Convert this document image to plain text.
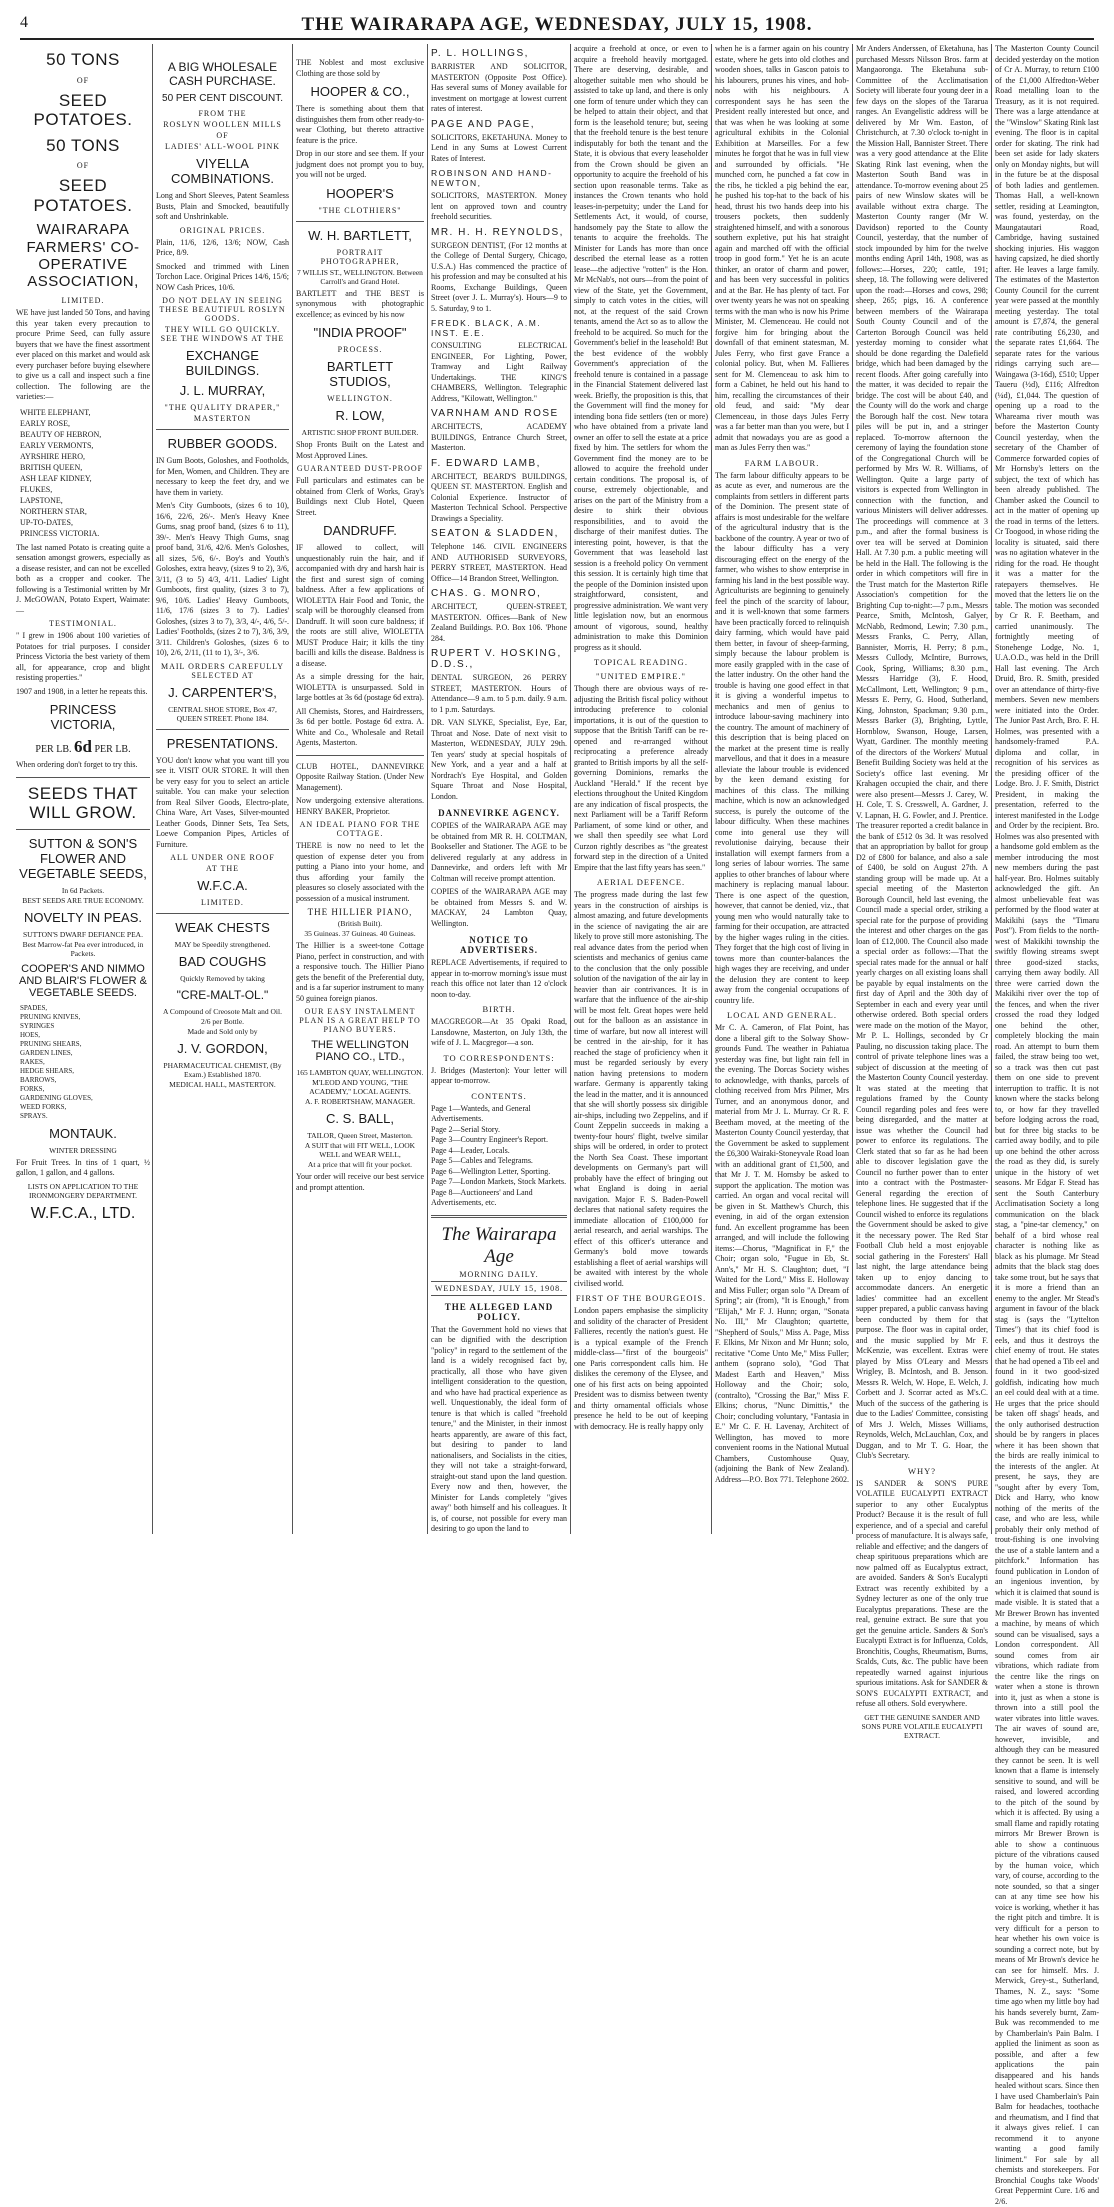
4	THE WAIRARAPA AGE, WEDNESDAY, JULY 15, 1908.
50 TONS
OF
SEED POTATOES.
50 TONS
OF
SEED POTATOES.
WAIRARAPA FARMERS' CO-OPERATIVE ASSOCIATION,
LIMITED.

WE have just landed 50 Tons, and having this year taken every precaution to procure Prime Seed, can fully assure buyers that we have the finest assortment ever placed on this market and would ask every purchaser before buying elsewhere to give us a call and inspect such a fine collection. The following are the varieties:—

WHITE ELEPHANT,
EARLY ROSE,
BEAUTY OF HEBRON,
EARLY VERMONTS,
AYRSHIRE HERO,
BRITISH QUEEN,
ASH LEAF KIDNEY,
FLUKES,
LAPSTONE,
NORTHERN STAR,
UP-TO-DATES,
PRINCESS VICTORIA.

The last named Potato is creating quite a sensation amongst growers, especially as a disease resister, and can not be excelled both as a cropper and cooker. The following is a Testimonial written by Mr J. McGOWAN, Potato Expert, Waimate:—

TESTIMONIAL.

" I grew in 1906 about 100 varieties of Potatoes for trial purposes. I consider Princess Victoria the best variety of them all, for appearance, crop and blight resisting properties."

1907 and 1908, in a letter he repeats this.

PRINCESS VICTORIA,
PER LB. 6d PER LB.

When ordering don't forget to try this.

SEEDS THAT WILL GROW.
SUTTON & SON'S FLOWER AND VEGETABLE SEEDS,
In 6d Packets.
BEST SEEDS ARE TRUE ECONOMY.
NOVELTY IN PEAS.
SUTTON'S DWARF DEFIANCE PEA.
Best Marrow-fat Pea ever introduced, in Packets.
COOPER'S AND NIMMO AND BLAIR'S FLOWER & VEGETABLE SEEDS.
SPADES,
PRUNING KNIVES,
SYRINGES
HOES,
PRUNING SHEARS,
GARDEN LINES,
RAKES,
HEDGE SHEARS,
BARROWS,
FORKS,
GARDENING GLOVES,
WEED FORKS,
SPRAYS.
MONTAUK.
WINTER DRESSING

For Fruit Trees. In tins of 1 quart, ½ gallon, 1 gallon, and 4 gallons.

LISTS ON APPLICATION TO THE IRONMONGERY DEPARTMENT.
W.F.C.A., LTD.
A BIG WHOLESALE CASH PURCHASE.
50 PER CENT DISCOUNT.
FROM THE
ROSLYN WOOLLEN MILLS
OF
LADIES' ALL-WOOL PINK
VIYELLA COMBINATIONS.

Long and Short Sleeves, Patent Seamless Busts, Plain and Smocked, beautifully soft and Unshrinkable.

ORIGINAL PRICES.

Plain, 11/6, 12/6, 13/6; NOW, Cash Price, 8/9.

Smocked and trimmed with Linen Torchon Lace. Original Prices 14/6, 15/6; NOW Cash Prices, 10/6.

DO NOT DELAY IN SEEING THESE BEAUTIFUL ROSLYN GOODS.
THEY WILL GO QUICKLY. SEE THE WINDOWS AT THE
EXCHANGE BUILDINGS.
J. L. MURRAY,
"THE QUALITY DRAPER,"
MASTERTON
RUBBER GOODS.

IN Gum Boots, Goloshes, and Footholds, for Men, Women, and Children. They are necessary to keep the feet dry, and we have them in variety.

Men's City Gumboots, (sizes 6 to 10), 16/6, 22/6, 26/-. Men's Heavy Knee Gums, snag proof band, (sizes 6 to 11), 39/-. Men's Heavy Thigh Gums, snag proof band, 31/6, 42/6. Men's Goloshes, all sizes, 5/6, 6/-. Boy's and Youth's Goloshes, extra heavy, (sizes 9 to 2), 3/6, 3/11, (3 to 5) 4/3, 4/11. Ladies' Light Gumboots, first quality, (sizes 3 to 7), 9/6, 10/6. Ladies' Heavy Gumboots, 11/6, 17/6 (sizes 3 to 7). Ladies' Goloshes, (sizes 3 to 7), 3/3, 4/-, 4/6, 5/-. Ladies' Footholds, (sizes 2 to 7), 3/6, 3/9, 3/11. Children's Goloshes, (sizes 6 to 10), 2/6, 2/11, (11 to 1), 3/-, 3/6.

MAIL ORDERS CAREFULLY SELECTED AT
J. CARPENTER'S,
CENTRAL SHOE STORE, Box 47, QUEEN STREET. Phone 184.
PRESENTATIONS.

YOU don't know what you want till you see it. VISIT OUR STORE. It will then be very easy for you to select an article suitable. You can make your selection from Real Silver Goods, Electro-plate, China Ware, Art Vases, Silver-mounted Leather Goods, Dinner Sets, Tea Sets, Loewe Companion Pipes, Articles of Furniture.

ALL UNDER ONE ROOF
AT THE
W.F.C.A.
LIMITED.
WEAK CHESTS
MAY be Speedily strengthened.
BAD COUGHS
Quickly Removed by taking
"CRE-MALT-OL."
A Compound of Creosote Malt and Oil.
2/6 per Bottle.
Made and Sold only by
J. V. GORDON,
PHARMACEUTICAL CHEMIST, (By Exam.) Established 1870.
MEDICAL HALL, MASTERTON.

THE Noblest and most exclusive Clothing are those sold by

HOOPER & CO.,

There is something about them that distinguishes them from other ready-to-wear Clothing, but thereto attractive feature is the price.

Drop in our store and see them. If your judgment does not prompt you to buy, you will not be urged.

HOOPER'S
"THE CLOTHIERS"
W. H. BARTLETT,
PORTRAIT PHOTOGRAPHER,
7 WILLIS ST., WELLINGTON. Between Carroll's and Grand Hotel.

BARTLETT and THE BEST is synonymous with photographic excellence; as evinced by his now

"INDIA PROOF"
PROCESS.
BARTLETT STUDIOS,
WELLINGTON.
R. LOW,
ARTISTIC SHOP FRONT BUILDER.

Shop Fronts Built on the Latest and Most Approved Lines.

GUARANTEED DUST-PROOF

Full particulars and estimates can be obtained from Clerk of Works, Gray's Buildings next Club Hotel, Queen Street.

DANDRUFF.

IF allowed to collect, will unquestionably ruin the hair, and if accompanied with dry and harsh hair is the first and surest sign of coming baldness. After a few applications of WIOLETTA Hair Food and Tonic, the scalp will be thoroughly cleansed from Dandruff. It will soon cure baldness; if the roots are still alive, WIOLETTA MUST Produce Hair; it kills the tiny bacilli and kills the disease. Baldness is a disease.

As a simple dressing for the hair, WIOLETTA is unsurpassed. Sold in large bottles at 3s 6d (postage 6d extra).

All Chemists, Stores, and Hairdressers, 3s 6d per bottle. Postage 6d extra. A. White and Co., Wholesale and Retail Agents, Masterton.

CLUB HOTEL, DANNEVIRKE Opposite Railway Station. (Under New Management).

Now undergoing extensive alterations. HENRY BAKER, Proprietor.

AN IDEAL PIANO FOR THE COTTAGE.

THERE is now no need to let the question of expense deter you from putting a Piano into your home, and thus affording your family the pleasures so closely associated with the possession of a musical instrument.

THE HILLIER PIANO,
(British Built).
35 Guineas. 37 Guineas. 40 Guineas.

The Hillier is a sweet-tone Cottage Piano, perfect in construction, and with a responsive touch. The Hillier Piano gets the benefit of the Preferential duty, and is a far superior instrument to many 50 guinea foreign pianos.

OUR EASY INSTALMENT PLAN IS A GREAT HELP TO PIANO BUYERS.
THE WELLINGTON PIANO CO., LTD.,
165 LAMBTON QUAY, WELLINGTON.
M'LEOD AND YOUNG, "THE ACADEMY," LOCAL AGENTS.
A. F. ROBERTSHAW, MANAGER.
C. S. BALL,
TAILOR, Queen Street, Masterton.
A SUIT that will FIT WELL, LOOK WELL and WEAR WELL,
At a price that will fit your pocket.

Your order will receive our best service and prompt attention.

P. L. HOLLINGS,

BARRISTER AND SOLICITOR, MASTERTON (Opposite Post Office). Has several sums of Money available for investment on mortgage at lowest current rates of interest.

PAGE AND PAGE,

SOLICITORS, EKETAHUNA. Money to Lend in any Sums at Lowest Current Rates of Interest.

ROBINSON AND HAND-NEWTON,

SOLICITORS, MASTERTON. Money lent on approved town and country freehold securities.

MR. H. H. REYNOLDS,

SURGEON DENTIST, (For 12 months at the College of Dental Surgery, Chicago, U.S.A.) Has commenced the practice of his profession and may be consulted at his Rooms, Exchange Buildings, Queen Street (over J. L. Murray's). Hours—9 to 5. Saturday, 9 to 1.

FREDK. BLACK, A.M. INST. E.E.

CONSULTING ELECTRICAL ENGINEER, For Lighting, Power, Tramway and Light Railway Undertakings. THE KING'S CHAMBERS, Wellington. Telegraphic Address, "Kilowatt, Wellington."

VARNHAM AND ROSE

ARCHITECTS, ACADEMY BUILDINGS, Entrance Church Street, Masterton.

F. EDWARD LAMB,

ARCHITECT, BEARD'S BUILDINGS, QUEEN ST. MASTERTON. English and Colonial Experience. Instructor of Masterton Technical School. Perspective Drawings a Speciality.

SEATON & SLADDEN,

Telephone 146. CIVIL ENGINEERS AND AUTHORISED SURVEYORS, PERRY STREET, MASTERTON. Head Office—14 Brandon Street, Wellington.

CHAS. G. MONRO,

ARCHITECT, QUEEN-STREET, MASTERTON. Offices—Bank of New Zealand Buildings. P.O. Box 106. 'Phone 284.

RUPERT V. HOSKING, D.D.S.,

DENTAL SURGEON, 26 PERRY STREET, MASTERTON. Hours of Attendance—9 a.m. to 5 p.m. daily. 9 a.m. to 1 p.m. Saturdays.

DR. VAN SLYKE, Specialist, Eye, Ear, Throat and Nose. Date of next visit to Masterton, WEDNESDAY, JULY 29th. Ten years' study at special hospitals of New York, and a year and a half at Nordrach's Eye Hospital, and Golden Square Throat and Nose Hospital, London.

DANNEVIRKE AGENCY.

COPIES of the WAIRARAPA AGE may be obtained from MR R. H. COLTMAN, Bookseller and Stationer. The AGE to be delivered regularly at any address in Dannevirke, and orders left with Mr Coltman will receive prompt attention.

COPIES of the WAIRARAPA AGE may be obtained from Messrs S. and W. MACKAY, 24 Lambton Quay, Wellington.

NOTICE TO ADVERTISERS.

REPLACE Advertisements, if required to appear in to-morrow morning's issue must reach this office not later than 12 o'clock noon to-day.

BIRTH.

MACGREGOR—At 35 Opaki Road, Lansdowne, Masterton, on July 13th, the wife of J. L. Macgregor—a son.

TO CORRESPONDENTS:

J. Bridges (Masterton): Your letter will appear to-morrow.

CONTENTS.
Page 1—Wanteds, and General Advertisements.
Page 2—Serial Story.
Page 3—Country Engineer's Report.
Page 4—Leader, Locals.
Page 5—Cables and Telegrams.
Page 6—Wellington Letter, Sporting.
Page 7—London Markets, Stock Markets.
Page 8—Auctioneers' and Land Advertisements, etc.
The Wairarapa Age
MORNING DAILY.
WEDNESDAY, JULY 15, 1908.
THE ALLEGED LAND POLICY.

That the Government hold no views that can be dignified with the description "policy" in regard to the settlement of the land is a widely recognised fact by, practically, all those who have given intelligent consideration to the question, and who have had practical experience as well. Unquestionably, the ideal form of tenure is that which is called "freehold tenure," and the Minister, in their inmost hearts apparently, are aware of this fact, but desiring to pander to land nationalisers, and Socialists in the cities, they will not take a straight-forward, straight-out stand upon the land question. Every now and then, however, the Minister for Lands completely "gives away" both himself and his colleagues. It is, of course, not possible for every man desiring to go upon the land to

acquire a freehold at once, or even to acquire a freehold heavily mortgaged. There are deserving, desirable, and altogether suitable men who should be assisted to take up land, and there is only one form of tenure under which they can be helped to attain their object, and that form is the leasehold tenure; but, seeing that the freehold tenure is the best tenure indisputably for both the tenant and the State, it is obvious that every leaseholder from the Crown should be given an opportunity to acquire the freehold of his section upon reasonable terms. Take as instances the Crown tenants who hold leases-in-perpetuity; under the Land for Settlements Act, it would, of course, handsomely pay the State to allow the tenants to acquire the freeholds. The Minister for Lands has more than once described the eternal lease as a rotten lease—the adjective "rotten" is the Hon. Mr McNab's, not ours—from the point of view of the State, yet the Government, simply to catch votes in the cities, will not, at the request of the said Crown tenants, amend the Act so as to allow the freehold to be acquired. So much for the Government's belief in the leasehold! But the best evidence of the wobbly Government's appreciation of the freehold tenure is contained in a passage in the Financial Statement delivered last week. Briefly, the proposition is this, that the Government will find the money for intending bona fide settlers (ten or more) who have obtained from a private land owner an offer to sell the estate at a price fixed by him. The settlers for whom the Government find the money are to be allowed to acquire the freehold under certain conditions. The proposal is, of course, extremely objectionable, and arises on the part of the Ministry from a desire to shirk their obvious responsibilities, and to avoid the discharge of their manifest duties. The interesting point, however, is that the Government that was leasehold last session is a freehold policy On vernment this session. It is certainly high time that the people of the Dominion insisted upon straightforward, consistent, and progressive administration. We want very little legislation now, but an enormous amount of vigorous, sound, healthy administration to make this Dominion progress as it should.

TOPICAL READING.
"UNITED EMPIRE."

Though there are obvious ways of re-adjusting the British fiscal policy without introducing preference to colonial importations, it is out of the question to suppose that the British Tariff can be re-opened and re-arranged without reciprocating a preference already granted to British imports by all the self-governing Dominions, remarks the Auckland "Herald." If the recent bye elections throughout the United Kingdom are any indication of fiscal prospects, the next Parliament will be a Tariff Reform Parliament, of some kind or other, and we shall then speedily see what Lord Curzon rightly describes as "the greatest forward step in the direction of a United Empire that the last fifty years has seen."

AERIAL DEFENCE.

The progress made during the last few years in the construction of airships is almost amazing, and future developments in the science of navigating the air are likely to prove still more astonishing. The real advance dates from the period when scientists and mechanics of genius came to the conclusion that the only possible solution of the navigation of the air lay in heavier than air contrivances. It is in warfare that the influence of the air-ship will be most felt. Great hopes were held out for the balloon as an assistance in time of warfare, but now all interest will be centred in the air-ship, for it has reached the stage of proficiency when it must be regarded seriously by every nation having pretensions to modern warfare. Germany is apparently taking the lead in the matter, and it is announced that she will shortly possess six dirigible air-ships, including two Zeppelins, and if Count Zeppelin succeeds in making a twenty-four hours' flight, twelve similar ships will be ordered, in order to protect the North Sea Coast. These important developments on Germany's part will probably have the effect of bringing out what England is doing in aerial navigation. Major F. S. Baden-Powell declares that national safety requires the immediate allocation of £100,000 for aerial research, and aerial warships. The effect of this officer's utterance and Germany's bold move towards establishing a fleet of aerial warships will be awaited with interest by the whole civilised world.

FIRST OF THE BOURGEOIS.

London papers emphasise the simplicity and solidity of the character of President Fallieres, recently the nation's guest. He is a typical example of the French middle-class—"first of the bourgeois" one Paris correspondent calls him. He dislikes the ceremony of the Elysee, and one of his first acts on being appointed President was to dismiss between twenty and thirty ornamental officials whose presence he held to be out of keeping with democracy. He is really happy only

when he is a farmer again on his country estate, where he gets into old clothes and wooden shoes, talks in Gascon patois to his labourers, prunes his vines, and hob-nobs with his neighbours. A correspondent says he has seen the President really interested but once, and that was when he was looking at some agricultural exhibits in the Colonial Exhibition at Marseilles. For a few minutes he forgot that he was in full view and surrounded by officials. "He munched corn, he punched a fat cow in the ribs, he tickled a pig behind the ear, he pushed his top-hat to the back of his head, thrust his two hands deep into his trousers pockets, then suddenly straightened himself, and with a sonorous southern expletive, put his hat straight again and marched off with the official troop in good form." Yet he is an acute thinker, an orator of charm and power, and has been very successful in politics and at the Bar. He has plenty of tact. For over twenty years he was not on speaking terms with the man who is now his Prime Minister, M. Clemenceau. He could not forgive him for bringing about the downfall of that eminent statesman, M. Jules Ferry, who first gave France a colonial policy. But, when M. Fallieres sent for M. Clemenceau to ask him to form a Cabinet, he held out his hand to him, recalling the circumstances of their old feud, and said: "My dear Clemenceau, in those days Jules Ferry was a far better man than you were, but I admit that nowadays you are as good a man as Jules Ferry then was."

FARM LABOUR.

The farm labour difficulty appears to be as acute as ever, and numerous are the complaints from settlers in different parts of the Dominion. The present state of affairs is most undesirable for the welfare of the agricultural industry that is the backbone of the country. A year or two of the labour difficulty has a very discouraging effect on the energy of the farmer, who wishes to show enterprise in farming his land in the best possible way. Agriculturists are beginning to genuinely feel the pinch of the scarcity of labour, and it is well-known that some farmers have been practically forced to relinquish dairy farming, which would have paid them better, in favour of sheep-farming, simply because the labour problem is more easily grappled with in the case of the latter industry. On the other hand the trouble is having one good effect in that it is giving a wonderful impetus to mechanics and men of genius to introduce labour-saving machinery into the country. The amount of machinery of this description that is being placed on the market at the present time is really marvellous, and that it does in a measure alleviate the labour trouble is evidenced by the keen demand existing for machines of this class. The milking machine, which is now an acknowledged success, is purely the outcome of the labour difficulty. When these machines come into general use they will revolutionise dairying, because their installation will exempt farmers from a long series of labour worries. The same applies to other branches of labour where machinery is replacing manual labour. There is one aspect of the question, however, that cannot be denied, viz., that young men who would naturally take to farming for their occupation, are attracted by the higher wages ruling in the cities. They forget that the high cost of living in towns more than counter-balances the high wages they are receiving, and under the delusion they are content to keep away from the congenial occupations of country life.

LOCAL AND GENERAL.

Mr C. A. Cameron, of Flat Point, has done a liberal gift to the Solway Show-grounds Fund. The weather in Pahiatua yesterday was fine, but light rain fell in the evening. The Dorcas Society wishes to acknowledge, with thanks, parcels of clothing received from Mrs Pilmer, Mrs Turner, and an anonymous donor, and material from Mr J. L. Murray. Cr R. F. Beetham moved, at the meeting of the Masterton County Council yesterday, that the Government be asked to supplement the £6,300 Wairaki-Stoneyvale Road loan with an additional grant of £1,500, and that Mr J. T. M. Hornsby be asked to support the application. The motion was carried. An organ and vocal recital will be given in St. Matthew's Church, this evening, in aid of the organ extension fund. An excellent programme has been arranged, and will include the following items:—Chorus, "Magnificat in F," the Choir; organ solo, "Fugue in Eb, St. Ann's," Mr H. S. Claughton; duet, "I Waited for the Lord," Miss E. Holloway and Miss Fuller; organ solo "A Dream of Spring"; air (from), "It is Enough," from "Elijah," Mr F. J. Hunn; organ, "Sonata No. III," Mr Claughton; quartette, "Shepherd of Souls," Miss A. Page, Miss F. Elkins, Mr Nixon and Mr Hunn; solo, recitative "Come Unto Me," Miss Fuller; anthem (soprano solo), "God That Madest Earth and Heaven," Miss Holloway and the Choir; solo, (contralto), "Crossing the Bar," Miss F. Elkins; chorus, "Nunc Dimittis," the Choir; concluding voluntary, "Fantasia in E." Mr C. F. H. Lavenay, Architect of Wellington, has moved to more convenient rooms in the National Mutual Chambers, Customhouse Quay, (adjoining the Bank of New Zealand). Address—P.O. Box 771. Telephone 2602.

Mr Anders Anderssen, of Eketahuna, has purchased Messrs Nilsson Bros. farm at Mangaoronga. The Eketahuna sub-Committee of the Acclimatisation Society will liberate four young deer in a few days on the slopes of the Tararua ranges. An Evangelistic address will be delivered by Mr Wm. Easton, of Christchurch, at 7.30 o'clock to-night in the Mission Hall, Bannister Street. There was a very good attendance at the Elite Skating Rink last evening, when the Masterton South Band was in attendance. To-morrow evening about 25 pairs of new Winslow skates will be available without extra charge. The Masterton County ranger (Mr W. Davidson) reported to the County Council, yesterday, that the number of stock impounded by him for the twelve months ending April 14th, 1908, was as follows:—Horses, 220; cattle, 191; sheep, 18. The following were delivered upon the road:—Horses and cows, 298; sheep, 265; pigs, 16. A conference between members of the Wairarapa South County Council and of the Carterton Borough Council was held yesterday morning to consider what should be done regarding the Dalefield bridge, which had been damaged by the recent floods. After going carefully into the matter, it was decided to repair the bridge. The cost will be about £40, and the County will do the work and charge the Borough half the cost. New totara piles will be put in, and a stringer replaced. To-morrow afternoon the ceremony of laying the foundation stone of the Congregational Church will be performed by Mrs W. R. Williams, of Wellington. Quite a large party of visitors is expected from Wellington in connection with the function, and various Ministers will deliver addresses. The proceedings will commence at 3 p.m., and after the formal business is over tea will be served at Dominion Hall. At 7.30 p.m. a public meeting will be held in the Hall. The following is the order in which competitors will fire in the Trust match for the Masterton Rifle Association's competition for the Brighting Cup to-night:—7 p.m., Messrs Pearce, Smith, McIntosh, Galyer, McNabb, Redmond, Lewin; 7.30 p.m., Messrs Franks, C. Perry, Allan, Bannister, Morris, H. Perry; 8 p.m., Messrs Cullody, McIntire, Burrows, Cook, Spring, Williams; 8.30 p.m., Messrs Harridge (3), F. Hood, McCallmont, Lett, Wellington; 9 p.m., Messrs E. Perry, G. Hood, Sutherland, King, Johnston, Spackman; 9.30 p.m., Messrs Barker (3), Brighting, Lyttle, Hornblow, Swanson, Houge, Larsen, Wyatt, Gardiner. The monthly meeting of the directors of the Workers' Mutual Benefit Building Society was held at the Society's office last evening. Mr Krahagen occupied the chair, and there were also present—Messrs J. Carey, W. H. Cole, T. S. Cresswell, A. Gardner, J. V. Lapnan, H. G. Fowler, and J. Prentice. The treasurer reported a credit balance in the bank of £512 0s 3d. It was resolved that an appropriation by ballot for group D2 of £800 for balance, and also a sale of £400, be sold on August 27th. A standing group will be made up. At a special meeting of the Masterton Borough Council, held last evening, the Council made a special order, striking a special rate for the purpose of providing the interest and other charges on the gas loan of £12,000. The Council also made a special order as follows:—That the special rates made for the annual or half yearly charges on all existing loans shall be payable by equal instalments on the first day of April and the 30th day of September in each and every year until otherwise ordered. Both special orders were made on the motion of the Mayor, Mr P. L. Hollings, seconded by Cr Pauling, no discussion taking place. The control of private telephone lines was a subject of discussion at the meeting of the Masterton County Council yesterday. It was stated at the meeting that regulations framed by the County Council regarding poles and fees were being disregarded, and the matter at issue was whether the Council had power to enforce its regulations. The Clerk stated that so far as he had been able to discover legislation gave the Council no further power than to enter into a contract with the Postmaster-General regarding the erection of telephone lines. He suggested that if the Council wished to enforce its regulations the Government should be asked to give it the necessary power. The Red Star Football Club held a most enjoyable social gathering in the Foresters' Hall last night, the large attendance being taken up to enjoy dancing to accommodate dancers. An energetic ladies' committee had an excellent supper prepared, a public canvass having been conducted by them for that purpose. The floor was in capital order, and the music supplied by Mr F. McKenzie, was excellent. Extras were played by Miss O'Leary and Messrs Wrigley, B. McIntosh, and B. Jenson. Messrs R. Welch, W. Hope, E. Welch, J. Corbett and J. Scorrar acted as M's.C. Much of the success of the gathering is due to the Ladies' Committee, consisting of Mrs J. Welch, Misses Williams, Reynolds, Welch, McLauchlan, Cox, and Duggan, and to Mr T. G. Hoar, the Club's Secretary.

WHY?

IS SANDER & SON'S PURE VOLATILE EUCALYPTI EXTRACT superior to any other Eucalyptus Product? Because it is the result of full experience, and of a special and careful process of manufacture. It is always safe, reliable and effective; and the dangers of cheap spirituous preparations which are now palmed off as Eucalyptus extract, are avoided. Sanders & Son's Eucalypti Extract was recently exhibited by a Sydney lecturer as one of the only true Eucalyptus preparations. These are the real, genuine extract. Be sure that you get the genuine article. Sanders & Son's Eucalypti Extract is for Influenza, Colds, Bronchitis, Coughs, Rheumatism, Burns, Scalds, Cuts, &c. The public have been repeatedly warned against injurious spurious imitations. Ask for SANDER & SON'S EUCALYPTI EXTRACT, and refuse all others. Sold everywhere.

GET THE GENUINE SANDER AND SONS PURE VOLATILE EUCALYPTI EXTRACT.

The Masterton County Council decided yesterday on the motion of Cr A. Murray, to return £100 of the £1,000 Alfredton-Weber Road metalling loan to the Treasury, as it is not required. There was a large attendance at the "Winslow" Skating Rink last evening. The floor is in capital order for skating. The rink had been set aside for lady skaters only on Monday nights, but will in the future be at the disposal of both ladies and gentlemen. Thomas Hall, a well-known settler, residing at Leamington, was found, yesterday, on the Maungatautari Road, Cambridge, having sustained shocking injuries. His waggon having capsized, he died shortly after. He leaves a large family. The estimates of the Masterton County Council for the current year were passed at the monthly meeting yesterday. The total amount is £7,874, the general rate contributing £6,230, and the separate rates £1,664. The separate rates for the various ridings carrying such are—Waingawa (3-16d), £510; Upper Taueru (½d), £116; Alfredton (¼d), £1,044. The question of opening up a road to the Whareama river mouth was before the Masterton County Council yesterday, when the secretary of the Chamber of Commerce forwarded copies of Mr Hornsby's letters on the subject, the text of which has been already published. The Chamber asked the Council to act in the matter of opening up the road in terms of the letters. Cr Toogood, in whose riding the locality is situated, said there was no agitation whatever in the riding for the road. He thought it was a matter for the ratepayers themselves. He moved that the letters lie on the table. The motion was seconded by Cr R. F. Beetham, and carried unanimously. The fortnightly meeting of Stonehenge Lodge, No. 1, U.A.O.D., was held in the Drill Hall last evening. The Arch Druid, Bro. R. Smith, presided over an attendance of thirty-five members. Seven new members were initiated into the Order. The Junior Past Arch, Bro. F. H. Holmes, was presented with a handsomely-framed P.A. diploma and collar, in recognition of his services as the presiding officer of the Lodge. Bro. J. F. Smith, District President, in making the presentation, referred to the interest manifested in the Lodge and Order by the recipient. Bro. Holmes was also presented with a handsome gold emblem as the member introducing the most new members during the past half-year. Bro. Holmes suitably acknowledged the gift. An almost unbelievable feat was performed by the flood water at Makikihi (says the "Timaru Post"). From fields to the north-west of Makikihi township the swiftly flowing streams swept three good-sized stacks, carrying them away bodily. All three were carried down the Makikihi river over the top of the fences, and when the river crossed the road they lodged one behind the other, completely blocking the main road. An attempt to burn them failed, the straw being too wet, so a track was then cut past them on one side to prevent interruption to traffic. It is not known where the stacks belong to, or how far they travelled before lodging across the road, but for three big stacks to be carried away bodily, and to pile up one behind the other across the road as they did, is surely unique in the history of wet seasons. Mr Edgar F. Stead has sent the South Canterbury Acclimatisation Society a long communication on the black stag, a "pine-tar clemency," on behalf of a bird whose real character is nothing like as black as his plumage. Mr Stead admits that the black stag does take some trout, but he says that it is more a friend than an enemy to the angler. Mr Stead's argument in favour of the black stag is (says the "Lyttelton Times") that its chief food is eels, and thus it destroys the chief enemy of trout. He states that he had opened a Tib eel and found in it two good-sized goldfish, indicating how much an eel could deal with at a time. He urges that the price should be taken off shags' heads, and the only authorised destruction should be by rangers in places where it has been shown that the birds are really inimical to the interests of the angler. At present, he says, they are "sought after by every Tom, Dick and Harry, who know nothing of the merits of the case, and who are less, while probably their only method of trout-fishing is one involving the use of a stable lantern and a pitchfork." Information has found publication in London of an ingenious invention, by which it is claimed that sound is made visible. It is stated that a Mr Brewer Brown has invented a machine, by means of which sound can be visualised, says a London correspondent. All sound comes from air vibrations, which radiate from the centre like the rings on water when a stone is thrown into it, just as when a stone is thrown into a still pool the water vibrates into little waves. The air waves of sound are, however, invisible, and although they can be measured they cannot be seen. It is well known that a flame is intensely sensitive to sound, and will be raised, and lowered according to the pitch of the sound by which it is affected. By using a small flame and rapidly rotating mirrors Mr Brewer Brown is able to show a continuous picture of the vibrations caused by the human voice, which vary, of course, according to the note sounded, so that a singer can at any time see how his voice is working, whether it has the right pitch and timbre. It is very difficult for a person to hear whether his own voice is sounding a correct note, but by means of Mr Brown's device he can see for himself. Mrs. J. Merwick, Grey-st., Sutherland, Thames, N. Z., says: "Some time ago when my little boy had his hands severely burnt, Zam-Buk was recommended to me by Chamberlain's Pain Balm. I applied the liniment as soon as possible, and after a few applications the pain disappeared and his hands healed without scars. Since then I have used Chamberlain's Pain Balm for headaches, toothache and rheumatism, and I find that it always gives relief. I can recommend it to anyone wanting a good family liniment." For sale by all chemists and storekeepers. For Bronchial Coughs take Woods' Great Peppermint Cure. 1/6 and 2/6.
